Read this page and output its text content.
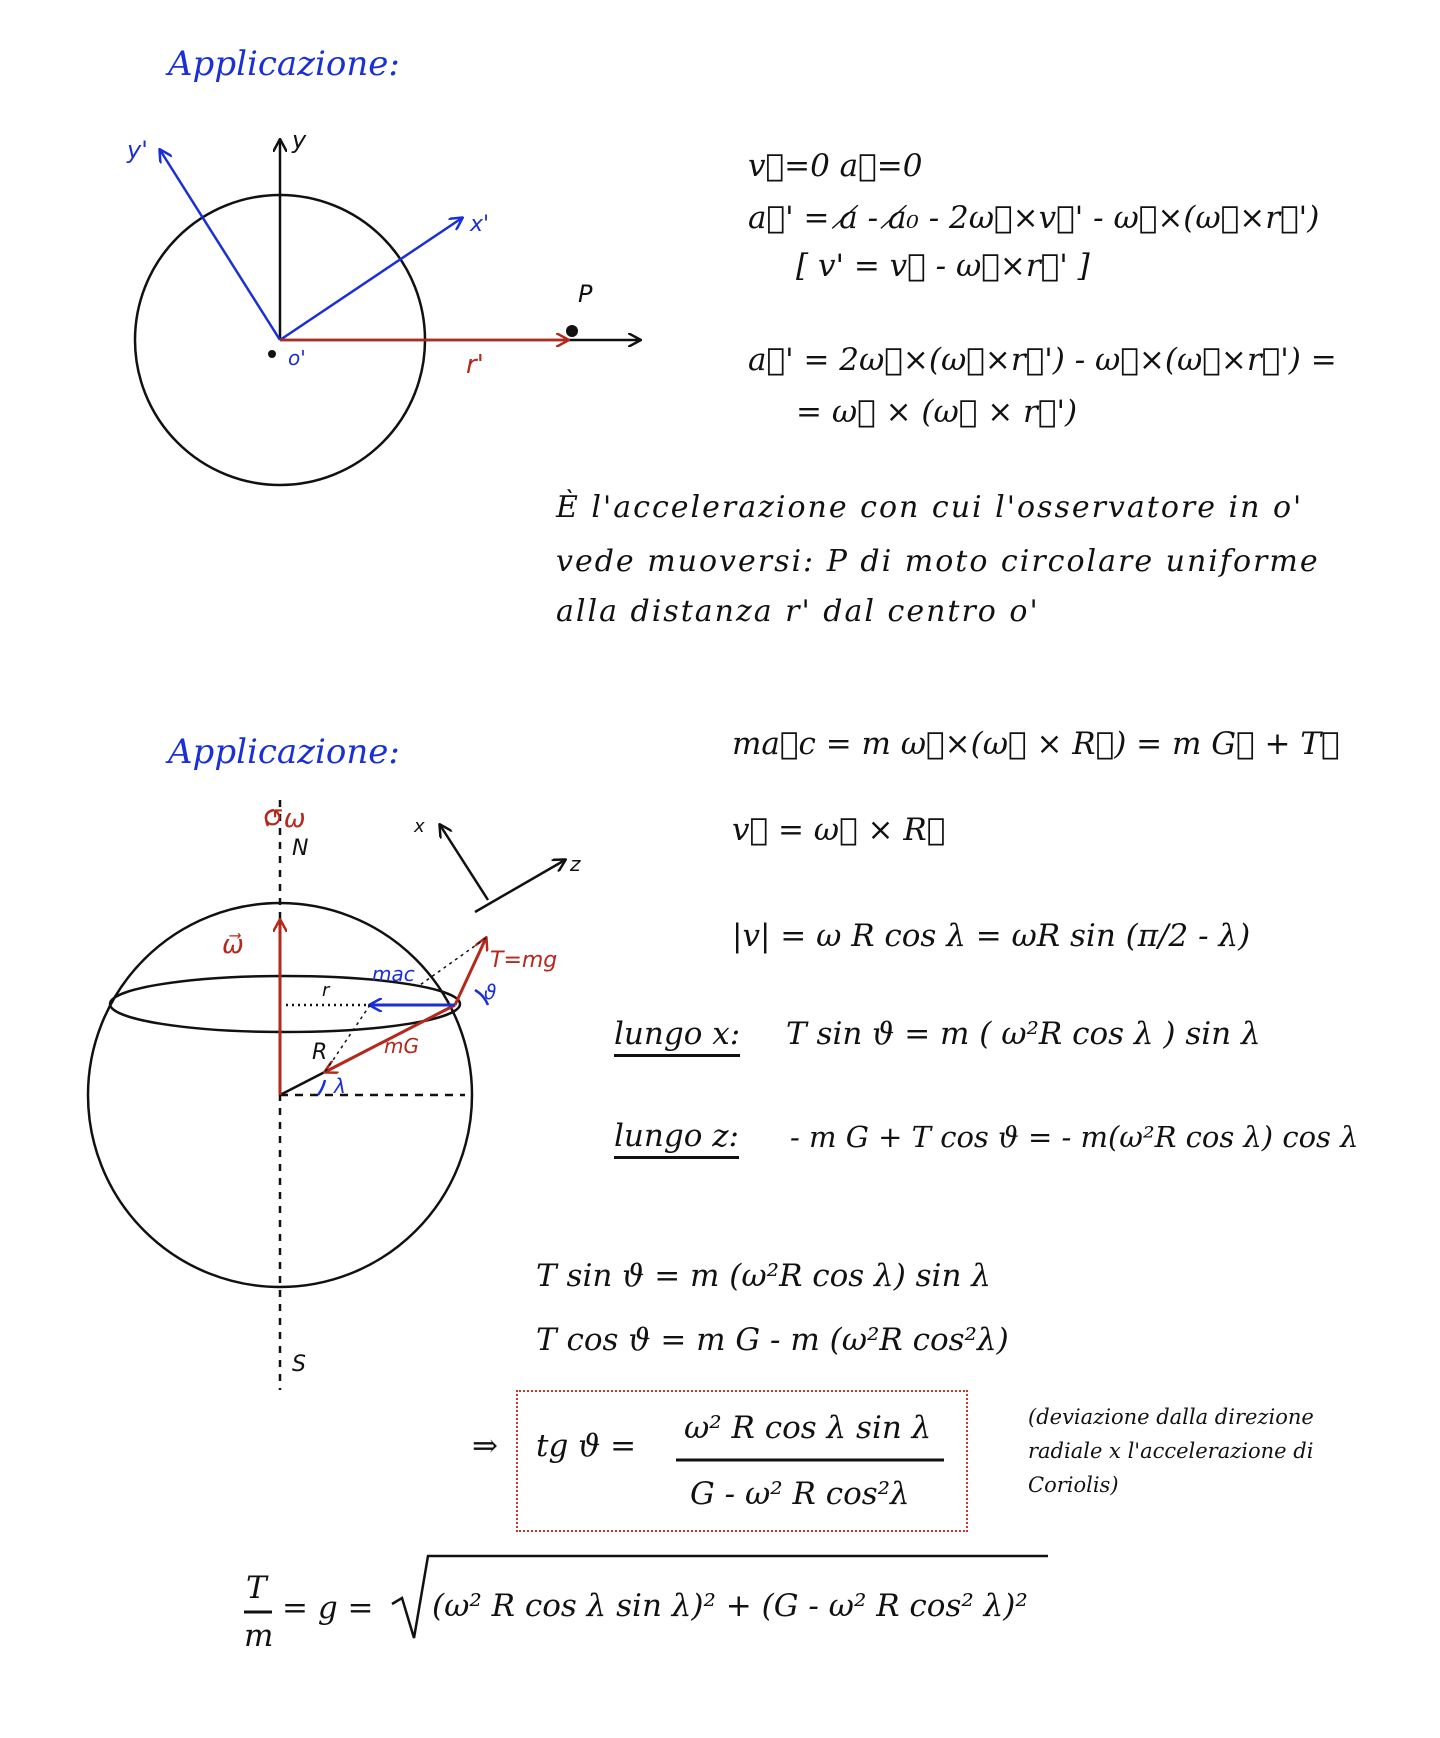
Applicazione:
y'	y
x'
P
o'	r'
v⃗=0 a⃗=0
a⃗' = a̸ - a̸₀ - 2ω⃗×v⃗' - ω⃗×(ω⃗×r⃗')
[ v' = v⃗ - ω⃗×r⃗' ]
a⃗' = 2ω⃗×(ω⃗×r⃗') - ω⃗×(ω⃗×r⃗') =
= ω⃗ × (ω⃗ × r⃗')
È l'accelerazione con cui l'osservatore in o'
vede muoversi: P di moto circolare uniforme
alla distanza r' dal centro o'
Applicazione:
↺ω
N
S
x
z
ω⃗
T=mg
maᴄ
r
R
ϑ
mG
λ
ma⃗c = m ω⃗×(ω⃗ × R⃗) = m G⃗ + T⃗
v⃗ = ω⃗ × R⃗
|v| = ω R cos λ = ωR sin (π/2 - λ)
lungo x: T sin ϑ = m ( ω²R cos λ ) sin λ
lungo z: - m G + T cos ϑ = - m(ω²R cos λ) cos λ
T sin ϑ = m (ω²R cos λ) sin λ
T cos ϑ = m G - m (ω²R cos²λ)
⇒ tg ϑ = ω² R cos λ sin λ
G - ω² R cos²λ
(deviazione dalla direzione radiale x l'accelerazione di Coriolis)
T
m
= g = (ω² R cos λ sin λ)² + (G - ω² R cos² λ)²
